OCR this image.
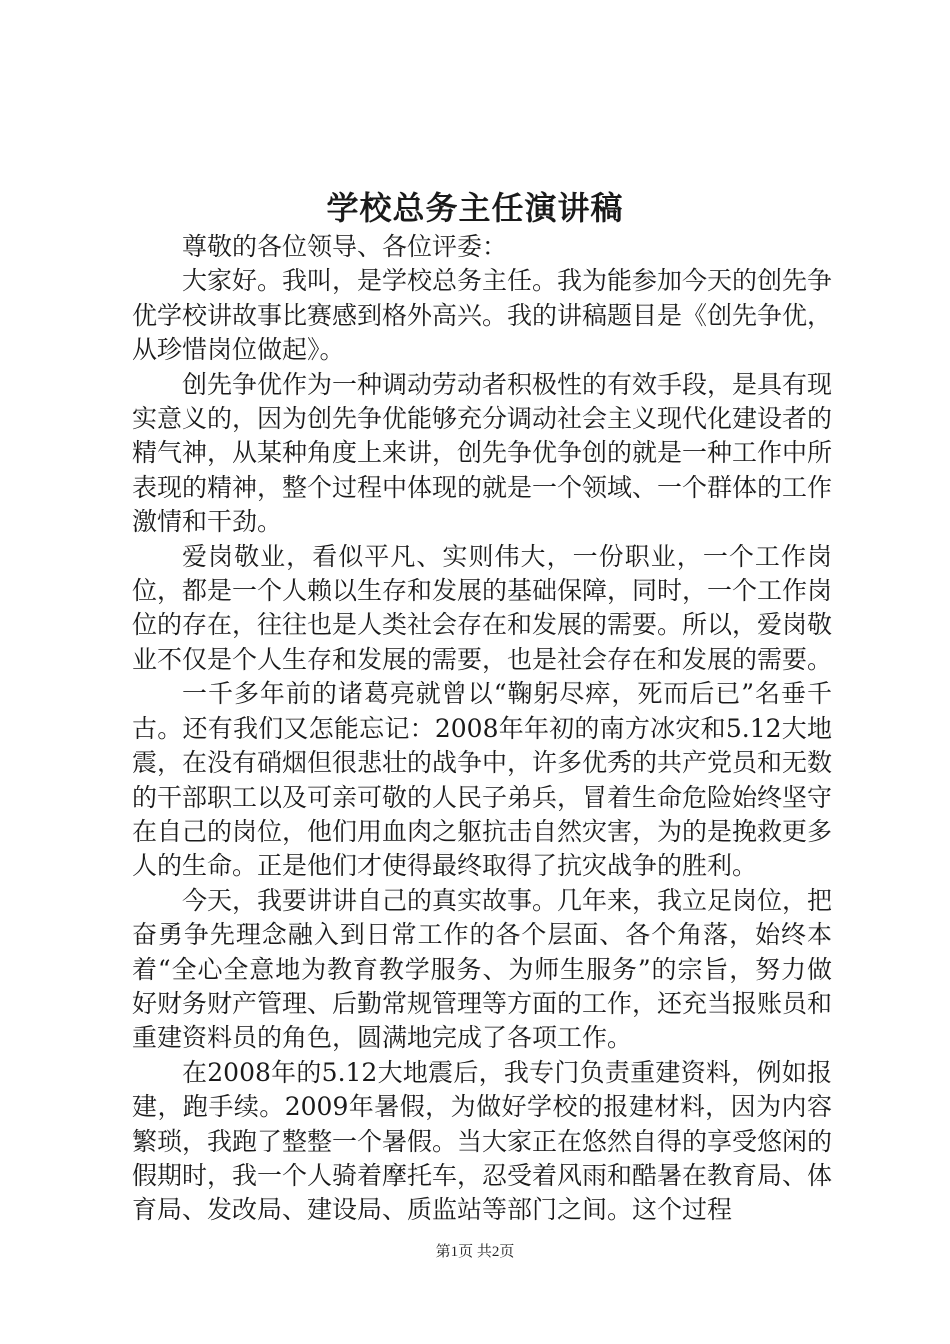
学校总务主任演讲稿

尊敬的各位领导、各位评委：

大家好。我叫，是学校总务主任。我为能参加今天的创先争优学校讲故事比赛感到格外高兴。我的讲稿题目是《创先争优，从珍惜岗位做起》。

创先争优作为一种调动劳动者积极性的有效手段，是具有现实意义的，因为创先争优能够充分调动社会主义现代化建设者的精气神，从某种角度上来讲，创先争优争创的就是一种工作中所表现的精神，整个过程中体现的就是一个领域、一个群体的工作激情和干劲。

爱岗敬业，看似平凡、实则伟大，一份职业，一个工作岗位，都是一个人赖以生存和发展的基础保障，同时，一个工作岗位的存在，往往也是人类社会存在和发展的需要。所以，爱岗敬业不仅是个人生存和发展的需要，也是社会存在和发展的需要。

一千多年前的诸葛亮就曾以“鞠躬尽瘁，死而后已”名垂千古。还有我们又怎能忘记：2008年年初的南方冰灾和5.12大地震，在没有硝烟但很悲壮的战争中，许多优秀的共产党员和无数的干部职工以及可亲可敬的人民子弟兵，冒着生命危险始终坚守在自己的岗位，他们用血肉之躯抗击自然灾害，为的是挽救更多人的生命。正是他们才使得最终取得了抗灾战争的胜利。

今天，我要讲讲自己的真实故事。几年来，我立足岗位，把奋勇争先理念融入到日常工作的各个层面、各个角落，始终本着“全心全意地为教育教学服务、为师生服务”的宗旨，努力做好财务财产管理、后勤常规管理等方面的工作，还充当报账员和重建资料员的角色，圆满地完成了各项工作。

在2008年的5.12大地震后，我专门负责重建资料，例如报建，跑手续。2009年暑假，为做好学校的报建材料，因为内容繁琐，我跑了整整一个暑假。当大家正在悠然自得的享受悠闲的假期时，我一个人骑着摩托车，忍受着风雨和酷暑在教育局、体育局、发改局、建设局、质监站等部门之间。这个过程

第1页 共2页
